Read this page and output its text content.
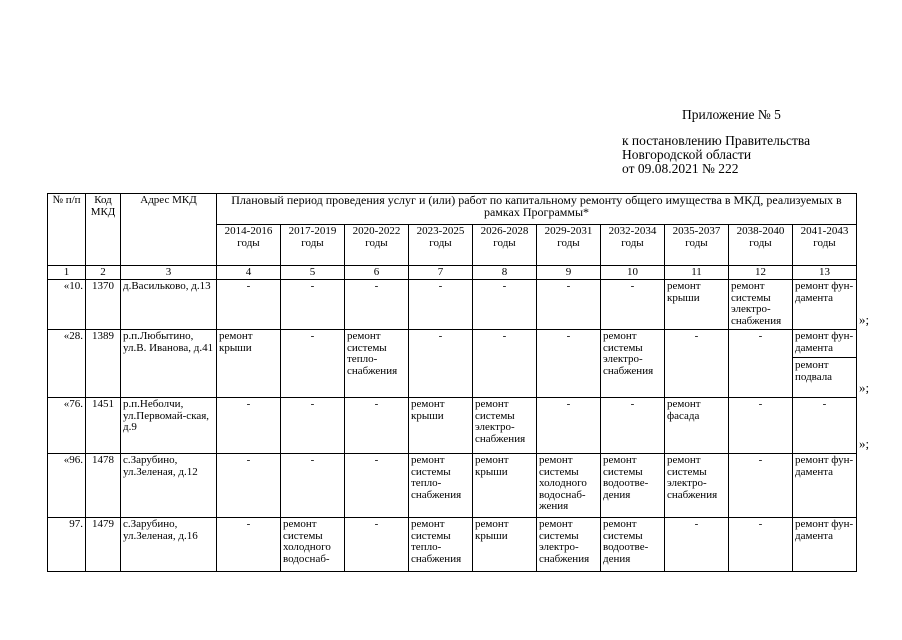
Приложение № 5
к постановлению Правительства
Новгородской области
от 09.08.2021 № 222
№ п/п	Код МКД	Адрес МКД	Плановый период проведения услуг и (или) работ по капитальному ремонту общего имущества в МКД, реализуемых в рамках Программы*									
			2014-2016 годы	2017-2019 годы	2020-2022 годы	2023-2025 годы	2026-2028 годы	2029-2031 годы	2032-2034 годы	2035-2037 годы	2038-2040 годы	2041-2043 годы
1	2	3	4	5	6	7	8	9	10	11	12	13
«10.	1370	д.Васильково, д.13	-	-	-	-	-	-	-	ремонт крыши	ремонт системы электро-снабжения	ремонт фун-дамента

«28.	1389	р.п.Любытино, ул.В. Иванова, д.41	ремонт крыши	-	ремонт системы тепло-снабжения	-	-	-	ремонт системы электро-снабжения	-	-	ремонт фун-дамента
ремонт подвала

«76.	1451	р.п.Неболчи, ул.Первомай-ская, д.9	-	-	-	ремонт крыши	ремонт системы электро-снабжения	-	-	ремонт фасада	-	-

«96.	1478	с.Зарубино, ул.Зеленая, д.12	-	-	-	ремонт системы тепло-снабжения	ремонт крыши	ремонт системы холодного водоснаб-жения	ремонт системы водоотве-дения	ремонт системы электро-снабжения	-	ремонт фун-дамента

97.	1479	с.Зарубино, ул.Зеленая, д.16	-	ремонт системы холодного водоснаб-	-	ремонт системы тепло-снабжения	ремонт крыши	ремонт системы электро-снабжения	ремонт системы водоотве-дения	-	-	ремонт фун-дамента
»;
»;
»;
